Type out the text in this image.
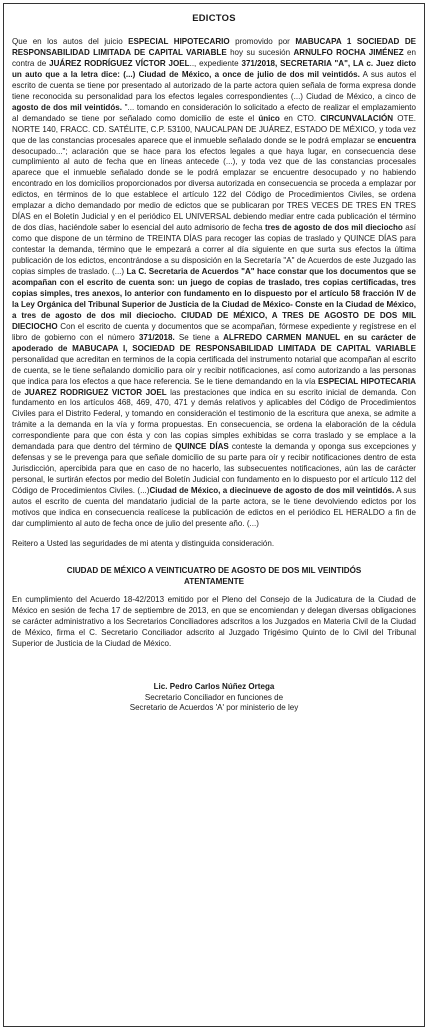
EDICTOS

Que en los autos del juicio ESPECIAL HIPOTECARIO promovido por MABUCAPA 1 SOCIEDAD DE RESPONSABILIDAD LIMITADA DE CAPITAL VARIABLE hoy su sucesión ARNULFO ROCHA JIMÉNEZ en contra de JUÁREZ RODRÍGUEZ VÍCTOR JOEL.., expediente 371/2018, SECRETARIA "A", LA c. Juez dicto un auto que a la letra dice: (...) Ciudad de México, a once de julio de dos mil veintidós. A sus autos el escrito de cuenta se tiene por presentado al autorizado de la parte actora quien señala de forma expresa donde tiene reconocida su personalidad para los efectos legales correspondientes (...) Ciudad de México, a cinco de agosto de dos mil veintidós. "... tomando en consideración lo solicitado a efecto de realizar el emplazamiento al demandado se tiene por señalado como domicilio de este el único en CTO. CIRCUNVALACIÓN OTE. NORTE 140, FRACC. CD. SATÉLITE, C.P. 53100, NAUCALPAN DE JUÁREZ, ESTADO DE MÉXICO, y toda vez que de las constancias procesales aparece que el inmueble señalado donde se le podrá emplazar se encuentra desocupado..."; aclaración que se hace para los efectos legales a que haya lugar, en consecuencia dese cumplimiento al auto de fecha que en líneas antecede (...), y toda vez que de las constancias procesales aparece que el inmueble señalado donde se le podrá emplazar se encuentre desocupado y no habiendo encontrado en los domicilios proporcionados por diversa autorizada en consecuencia se proceda a emplazar por edictos, en términos de lo que establece el artículo 122 del Código de Procedimientos Civiles, se ordena emplazar a dicho demandado por medio de edictos que se publicaran por TRES VECES DE TRES EN TRES DÍAS en el Boletín Judicial y en el periódico EL UNIVERSAL debiendo mediar entre cada publicación el término de dos días, haciéndole saber lo esencial del auto admisorio de fecha tres de agosto de dos mil dieciocho así como que dispone de un término de TREINTA DÍAS para recoger las copias de traslado y QUINCE DÍAS para contestar la demanda, término que le empezará a correr al día siguiente en que surta sus efectos la última publicación de los edictos, encontrándose a su disposición en la Secretaría "A" de Acuerdos de este Juzgado las copias simples de traslado. (...) La C. Secretaria de Acuerdos "A" hace constar que los documentos que se acompañan con el escrito de cuenta son: un juego de copias de traslado, tres copias certificadas, tres copias simples, tres anexos, lo anterior con fundamento en lo dispuesto por el artículo 58 fracción IV de la Ley Orgánica del Tribunal Superior de Justicia de la Ciudad de México- Conste en la Ciudad de México, a tres de agosto de dos mil dieciocho. CIUDAD DE MÉXICO, A TRES DE AGOSTO DE DOS MIL DIECIOCHO Con el escrito de cuenta y documentos que se acompañan, fórmese expediente y regístrese en el libro de gobierno con el número 371/2018. Se tiene a ALFREDO CARMEN MANUEL en su carácter de apoderado de MABUCAPA I, SOCIEDAD DE RESPONSABILIDAD LIMITADA DE CAPITAL VARIABLE personalidad que acreditan en terminos de la copia certificada del instrumento notarial que acompañan al escrito de cuenta, se le tiene señalando domicilio para oír y recibir notificaciones, así como autorizando a las personas que indica para los efectos a que hace referencia. Se le tiene demandando en la vía ESPECIAL HIPOTECARIA de JUAREZ RODRIGUEZ VICTOR JOEL las prestaciones que indica en su escrito inicial de demanda. Con fundamento en los artículos 468, 469, 470, 471 y demás relativos y aplicables del Código de Procedimientos Civiles para el Distrito Federal, y tomando en consideración el testimonio de la escritura que anexa, se admite a trámite a la demanda en la vía y forma propuestas. En consecuencia, se ordena la elaboración de la cédula correspondiente para que con ésta y con las copias simples exhibidas se corra traslado y se emplace a la demandada para que dentro del término de QUINCE DÍAS conteste la demanda y oponga sus excepciones y defensas y se le prevenga para que señale domicilio de su parte para oír y recibir notificaciones dentro de esta Jurisdicción, apercibida para que en caso de no hacerlo, las subsecuentes notificaciones, aún las de carácter personal, le surtirán efectos por medio del Boletín Judicial con fundamento en lo dispuesto por el artículo 112 del Código de Procedimientos Civiles. (...)Ciudad de México, a diecinueve de agosto de dos mil veintidós. A sus autos el escrito de cuenta del mandatario judicial de la parte actora, se le tiene devolviendo edictos por los motivos que indica en consecuencia realícese la publicación de edictos en el periódico EL HERALDO a fin de dar cumplimiento al auto de fecha once de julio del presente año. (...)

Reitero a Usted las seguridades de mi atenta y distinguida consideración.

CIUDAD DE MÉXICO A VEINTICUATRO DE AGOSTO DE DOS MIL VEINTIDÓS
ATENTAMENTE

En cumplimiento del Acuerdo 18-42/2013 emitido por el Pleno del Consejo de la Judicatura de la Ciudad de México en sesión de fecha 17 de septiembre de 2013, en que se encomiendan y delegan diversas obligaciones se carácter administrativo a los Secretarios Conciliadores adscritos a los Juzgados en Materia Civil de la Ciudad de México, firma el C. Secretario Conciliador adscrito al Juzgado Trigésimo Quinto de lo Civil del Tribunal Superior de Justicia de la Ciudad de México.

Lic. Pedro Carlos Núñez Ortega
Secretario Conciliador en funciones de
Secretario de Acuerdos 'A' por ministerio de ley
